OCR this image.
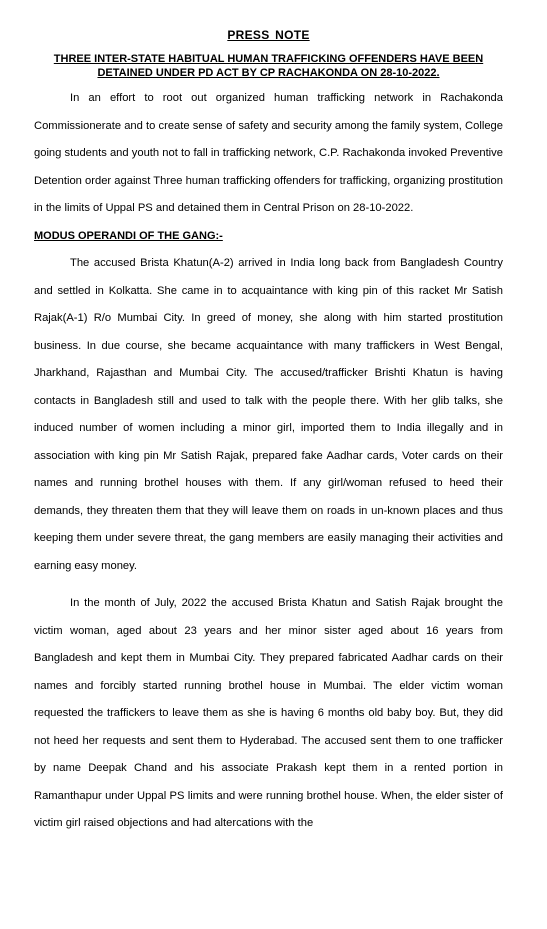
PRESS NOTE
THREE INTER-STATE HABITUAL HUMAN TRAFFICKING OFFENDERS HAVE BEEN DETAINED UNDER PD ACT BY CP RACHAKONDA ON 28-10-2022.

In an effort to root out organized human trafficking network in Rachakonda Commissionerate and to create sense of safety and security among the family system, College going students and youth not to fall in trafficking network, C.P. Rachakonda invoked Preventive Detention order against Three human trafficking offenders for trafficking, organizing prostitution in the limits of Uppal PS and detained them in Central Prison on 28-10-2022.

MODUS OPERANDI OF THE GANG:-

The accused Brista Khatun(A-2) arrived in India long back from Bangladesh Country and settled in Kolkatta. She came in to acquaintance with king pin of this racket Mr Satish Rajak(A-1) R/o Mumbai City. In greed of money, she along with him started prostitution business. In due course, she became acquaintance with many traffickers in West Bengal, Jharkhand, Rajasthan and Mumbai City. The accused/trafficker Brishti Khatun is having contacts in Bangladesh still and used to talk with the people there. With her glib talks, she induced number of women including a minor girl, imported them to India illegally and in association with king pin Mr Satish Rajak, prepared fake Aadhar cards, Voter cards on their names and running brothel houses with them. If any girl/woman refused to heed their demands, they threaten them that they will leave them on roads in un-known places and thus keeping them under severe threat, the gang members are easily managing their activities and earning easy money.

In the month of July, 2022 the accused Brista Khatun and Satish Rajak brought the victim woman, aged about 23 years and her minor sister aged about 16 years from Bangladesh and kept them in Mumbai City. They prepared fabricated Aadhar cards on their names and forcibly started running brothel house in Mumbai. The elder victim woman requested the traffickers to leave them as she is having 6 months old baby boy. But, they did not heed her requests and sent them to Hyderabad. The accused sent them to one trafficker by name Deepak Chand and his associate Prakash kept them in a rented portion in Ramanthapur under Uppal PS limits and were running brothel house. When, the elder sister of victim girl raised objections and had altercations with the
